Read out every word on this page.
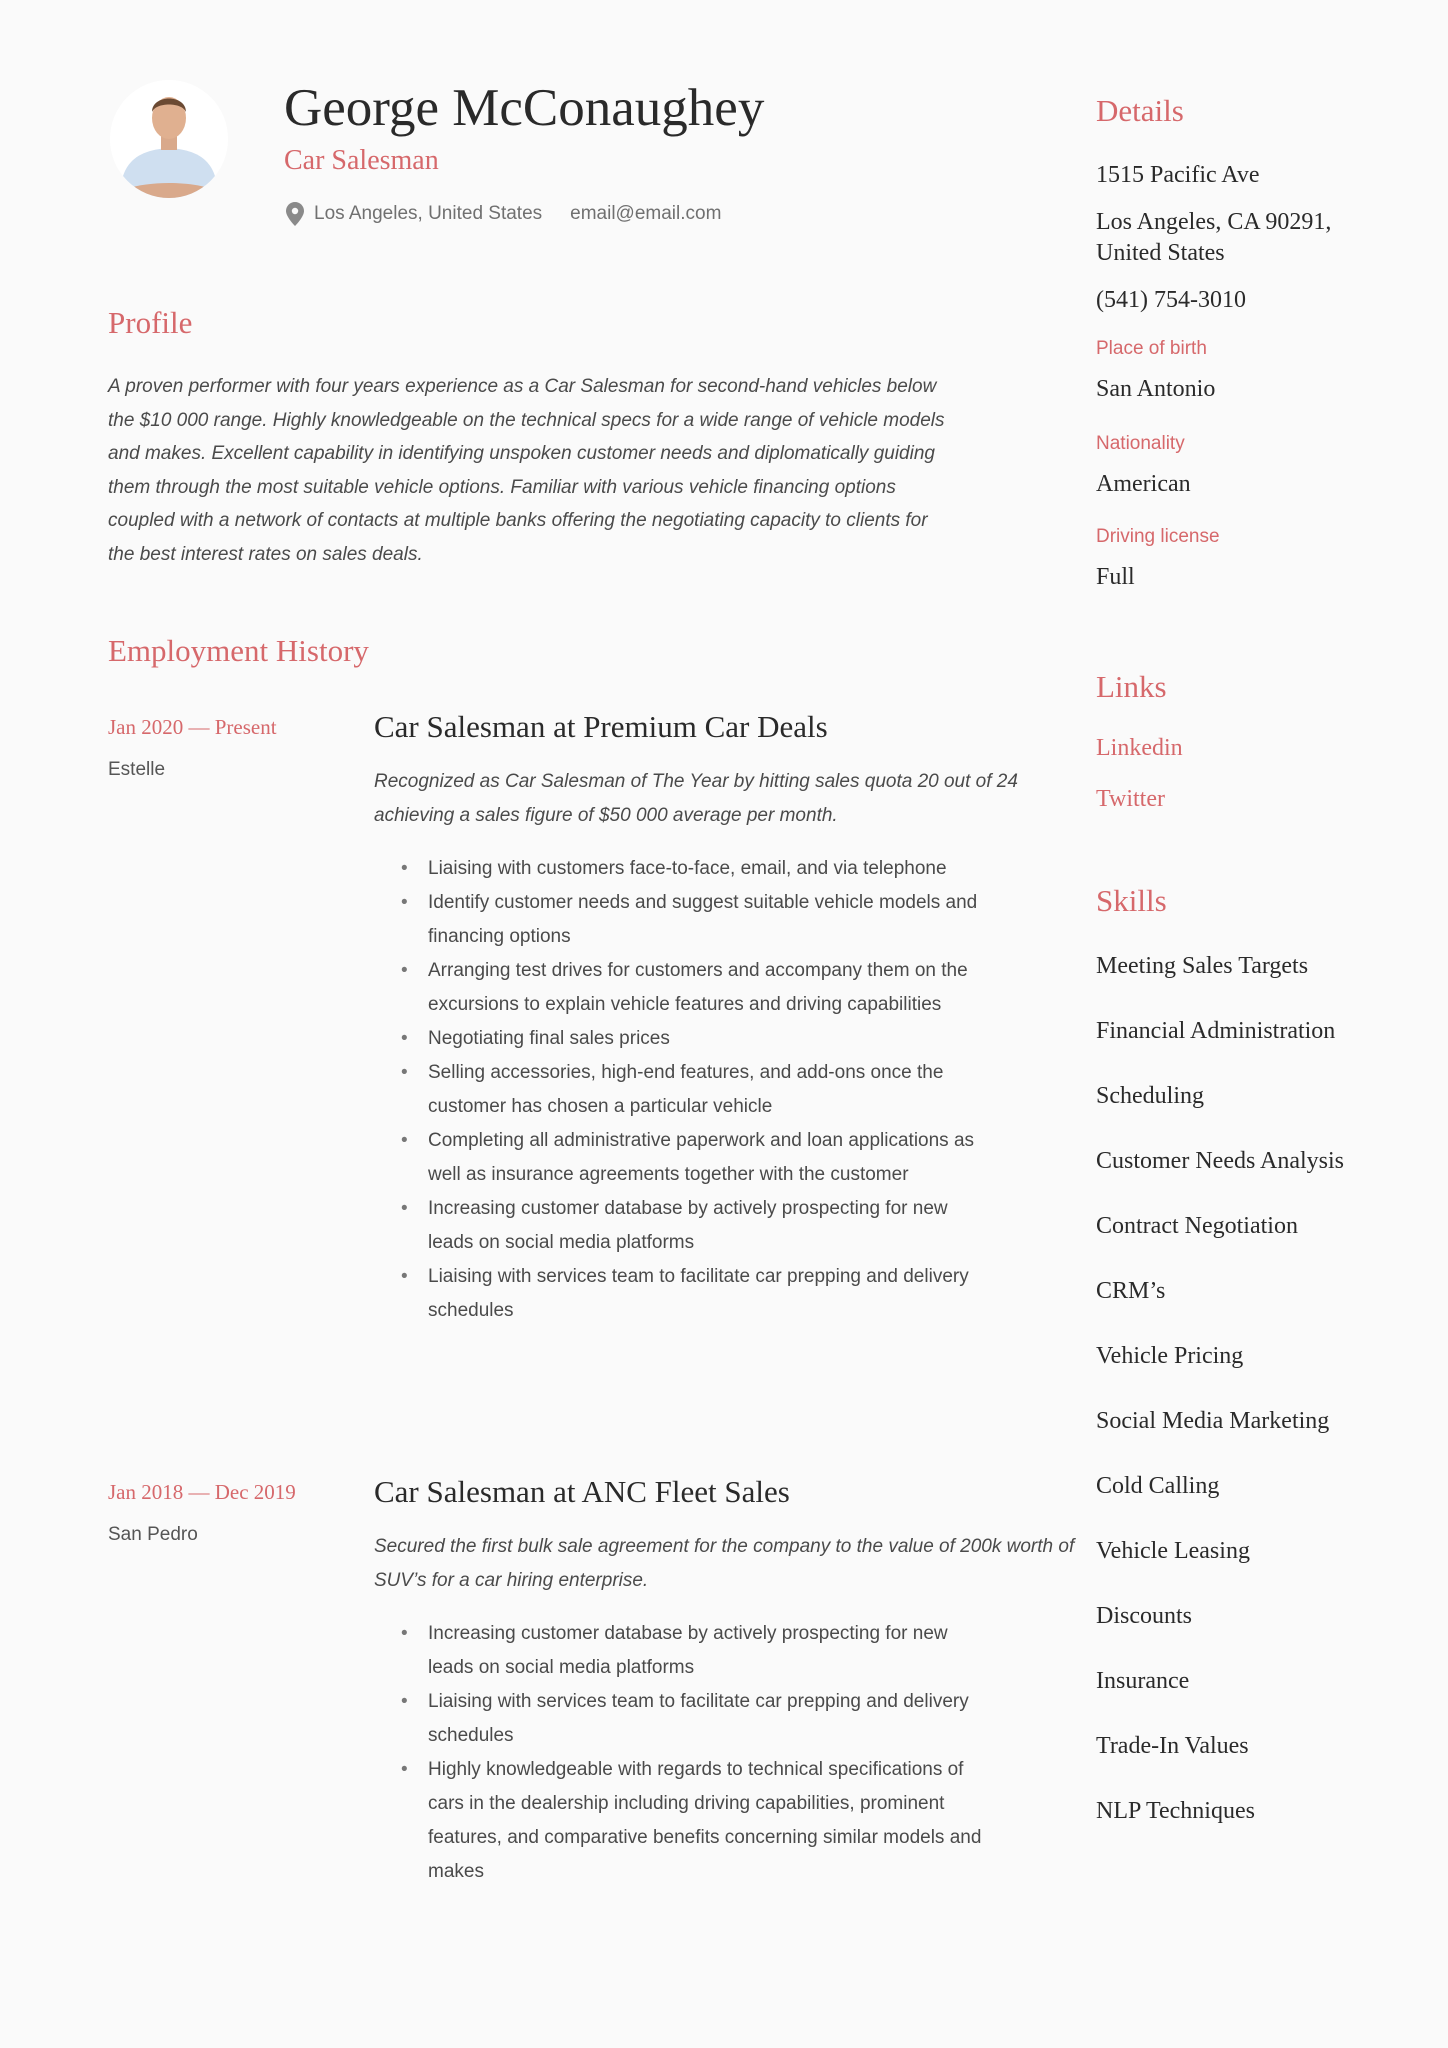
George McConaughey
Car Salesman
Los Angeles, United States email@email.com
Profile
A proven performer with four years experience as a Car Salesman for second-hand vehicles below the $10 000 range. Highly knowledgeable on the technical specs for a wide range of vehicle models and makes. Excellent capability in identifying unspoken customer needs and diplomatically guiding them through the most suitable vehicle options. Familiar with various vehicle financing options coupled with a network of contacts at multiple banks offering the negotiating capacity to clients for the best interest rates on sales deals.
Employment History
Jan 2020 — Present
Estelle
Car Salesman at Premium Car Deals
Recognized as Car Salesman of The Year by hitting sales quota 20 out of 24 achieving a sales figure of $50 000 average per month.
• Liaising with customers face-to-face, email, and via telephone
• Identify customer needs and suggest suitable vehicle models and financing options
• Arranging test drives for customers and accompany them on the excursions to explain vehicle features and driving capabilities
• Negotiating final sales prices
• Selling accessories, high-end features, and add-ons once the customer has chosen a particular vehicle
• Completing all administrative paperwork and loan applications as well as insurance agreements together with the customer
• Increasing customer database by actively prospecting for new leads on social media platforms
• Liaising with services team to facilitate car prepping and delivery schedules
Jan 2018 — Dec 2019
San Pedro
Car Salesman at ANC Fleet Sales
Secured the first bulk sale agreement for the company to the value of 200k worth of SUV’s for a car hiring enterprise.
• Increasing customer database by actively prospecting for new leads on social media platforms
• Liaising with services team to facilitate car prepping and delivery schedules
• Highly knowledgeable with regards to technical specifications of cars in the dealership including driving capabilities, prominent features, and comparative benefits concerning similar models and makes
Details
1515 Pacific Ave
Los Angeles, CA 90291, United States
(541) 754-3010
Place of birth
San Antonio
Nationality
American
Driving license
Full
Links
Linkedin
Twitter
Skills
Meeting Sales Targets
Financial Administration
Scheduling
Customer Needs Analysis
Contract Negotiation
CRM’s
Vehicle Pricing
Social Media Marketing
Cold Calling
Vehicle Leasing
Discounts
Insurance
Trade-In Values
NLP Techniques
